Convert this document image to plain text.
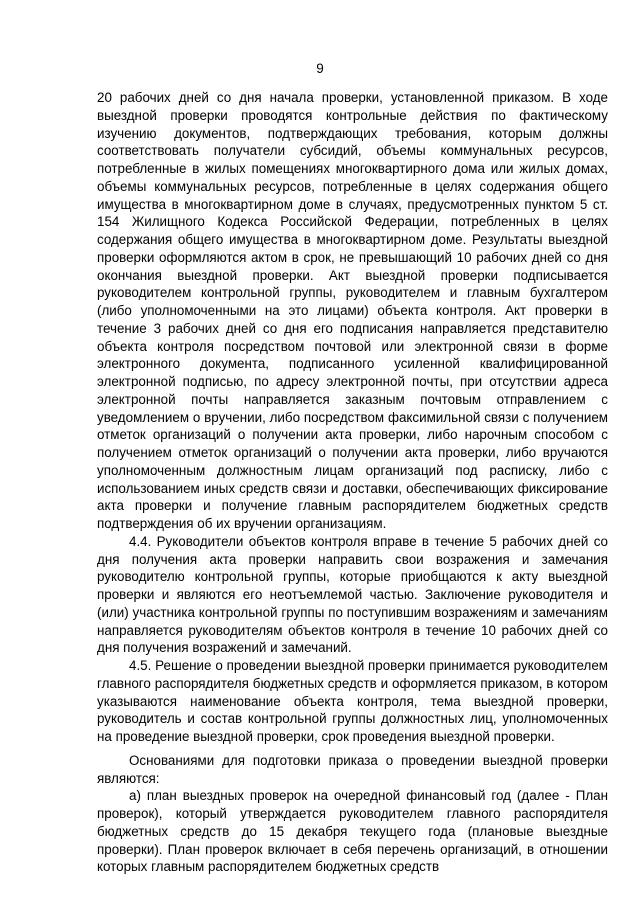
9

20 рабочих дней со дня начала проверки, установленной приказом. В ходе выездной проверки проводятся контрольные действия по фактическому изучению документов, подтверждающих требования, которым должны соответствовать получатели субсидий, объемы коммунальных ресурсов, потребленные в жилых помещениях многоквартирного дома или жилых домах, объемы коммунальных ресурсов, потребленные в целях содержания общего имущества в многоквартирном доме в случаях, предусмотренных пунктом 5 ст. 154 Жилищного Кодекса Российской Федерации, потребленных в целях содержания общего имущества в многоквартирном доме. Результаты выездной проверки оформляются актом в срок, не превышающий 10 рабочих дней со дня окончания выездной проверки. Акт выездной проверки подписывается руководителем контрольной группы, руководителем и главным бухгалтером (либо уполномоченными на это лицами) объекта контроля. Акт проверки в течение 3 рабочих дней со дня его подписания направляется представителю объекта контроля посредством почтовой или электронной связи в форме электронного документа, подписанного усиленной квалифицированной электронной подписью, по адресу электронной почты, при отсутствии адреса электронной почты направляется заказным почтовым отправлением с уведомлением о вручении, либо посредством факсимильной связи с получением отметок организаций о получении акта проверки, либо нарочным способом с получением отметок организаций о получении акта проверки, либо вручаются уполномоченным должностным лицам организаций под расписку, либо с использованием иных средств связи и доставки, обеспечивающих фиксирование акта проверки и получение главным распорядителем бюджетных средств подтверждения об их вручении организациям.

4.4. Руководители объектов контроля вправе в течение 5 рабочих дней со дня получения акта проверки направить свои возражения и замечания руководителю контрольной группы, которые приобщаются к акту выездной проверки и являются его неотъемлемой частью. Заключение руководителя и (или) участника контрольной группы по поступившим возражениям и замечаниям направляется руководителям объектов контроля в течение 10 рабочих дней со дня получения возражений и замечаний.

4.5. Решение о проведении выездной проверки принимается руководителем главного распорядителя бюджетных средств и оформляется приказом, в котором указываются наименование объекта контроля, тема выездной проверки, руководитель и состав контрольной группы должностных лиц, уполномоченных на проведение выездной проверки, срок проведения выездной проверки.

Основаниями для подготовки приказа о проведении выездной проверки являются:

а) план выездных проверок на очередной финансовый год (далее - План проверок), который утверждается руководителем главного распорядителя бюджетных средств до 15 декабря текущего года (плановые выездные проверки). План проверок включает в себя перечень организаций, в отношении которых главным распорядителем бюджетных средств
